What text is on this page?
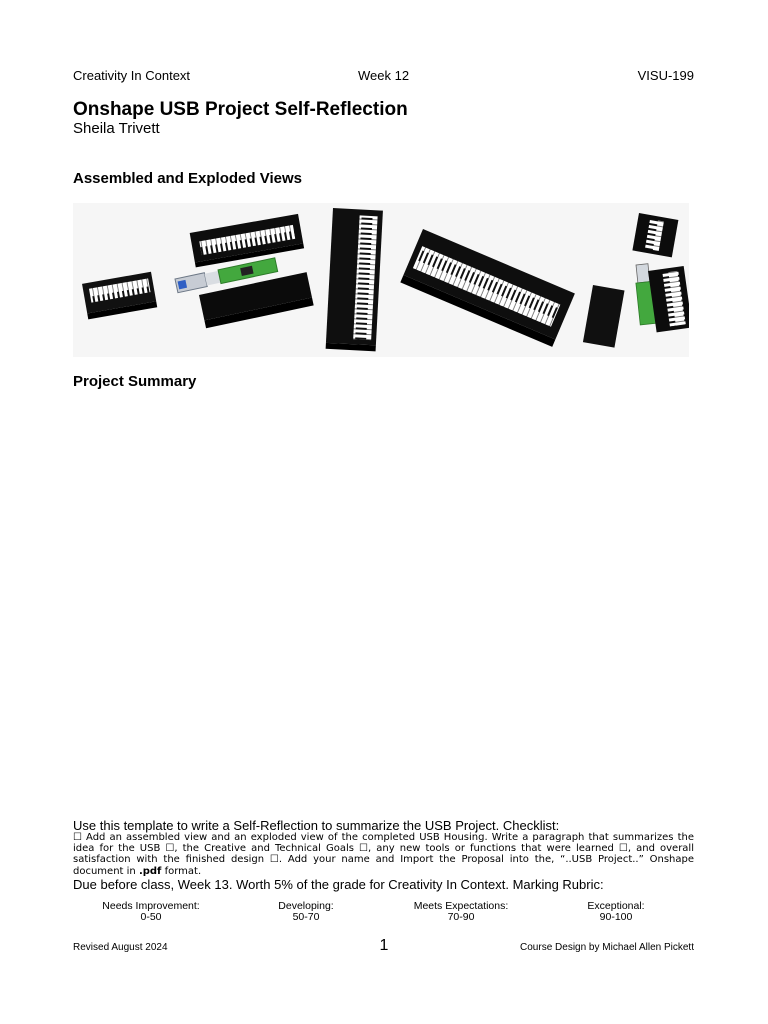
Creativity In Context	Week 12	VISU-199
Onshape USB Project Self-Reflection
Sheila Trivett
Assembled and Exploded Views
Project Summary
Use this template to write a Self-Reflection to summarize the USB Project. Checklist:
☐ Add an assembled view and an exploded view of the completed USB Housing. Write a paragraph that summarizes the idea for the USB ☐, the Creative and Technical Goals ☐, any new tools or functions that were learned ☐, and overall satisfaction with the finished design ☐. Add your name and Import the Proposal into the, “..USB Project..” Onshape document in .pdf format.
Due before class, Week 13. Worth 5% of the grade for Creativity In Context. Marking Rubric:
Needs Improvement:
0-50
Developing:
50-70
Meets Expectations:
70-90
Exceptional:
90-100
Revised August 2024	1	Course Design by Michael Allen Pickett
